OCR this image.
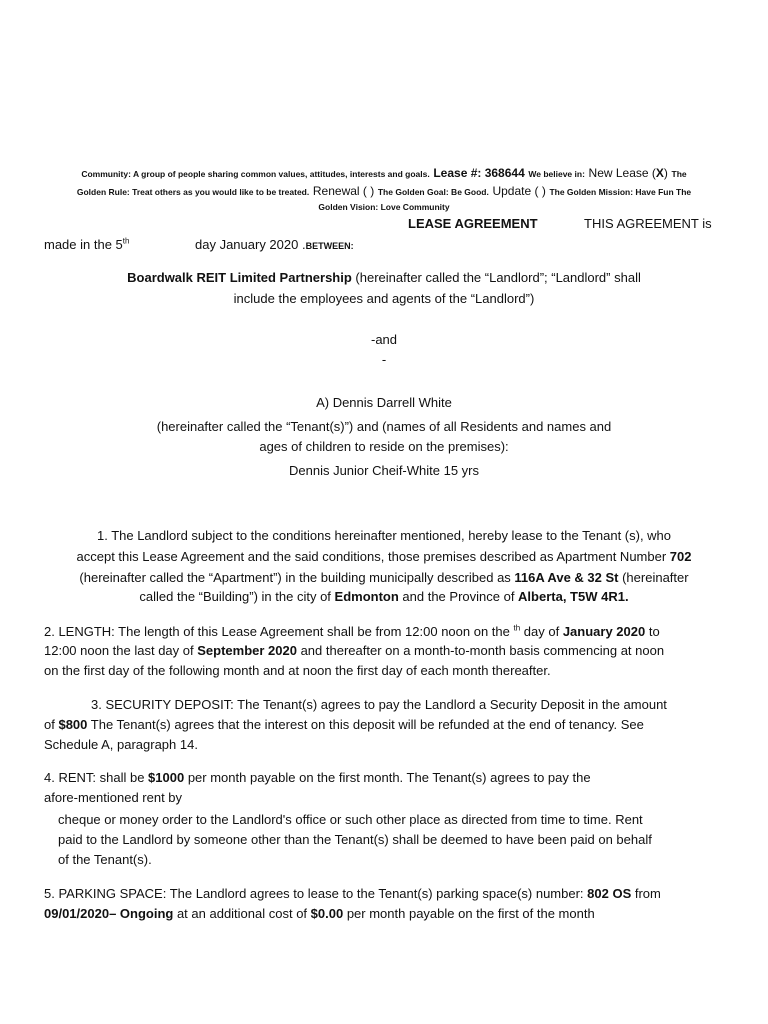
Community: A group of people sharing common values, attitudes, interests and goals. Lease #: 368644 We believe in: New Lease (X) The
Golden Rule: Treat others as you would like to be treated. Renewal ( ) The Golden Goal: Be Good. Update ( ) The Golden Mission: Have Fun The
Golden Vision: Love Community
LEASE AGREEMENT	THIS AGREEMENT is
made in the 5th	day January 2020 .BETWEEN:
Boardwalk REIT Limited Partnership (hereinafter called the “Landlord”; “Landlord” shall
include the employees and agents of the “Landlord”)
-and
-
A) Dennis Darrell White
(hereinafter called the “Tenant(s)”) and (names of all Residents and names and
ages of children to reside on the premises):
Dennis Junior Cheif-White 15 yrs
1. The Landlord subject to the conditions hereinafter mentioned, hereby lease to the Tenant (s), who
accept this Lease Agreement and the said conditions, those premises described as Apartment Number 702
(hereinafter called the “Apartment”) in the building municipally described as 116A Ave & 32 St (hereinafter
called the “Building”) in the city of Edmonton and the Province of Alberta, T5W 4R1.
2. LENGTH: The length of this Lease Agreement shall be from 12:00 noon on the $^{th}$ day of January 2020 to
12:00 noon the last day of September 2020 and thereafter on a month-to-month basis commencing at noon
on the first day of the following month and at noon the first day of each month thereafter.
3. SECURITY DEPOSIT: The Tenant(s) agrees to pay the Landlord a Security Deposit in the amount
of $800 The Tenant(s) agrees that the interest on this deposit will be refunded at the end of tenancy. See
Schedule A, paragraph 14.
4. RENT: shall be $1000 per month payable on the first month. The Tenant(s) agrees to pay the
afore-mentioned rent by
cheque or money order to the Landlord's office or such other place as directed from time to time. Rent
paid to the Landlord by someone other than the Tenant(s) shall be deemed to have been paid on behalf
of the Tenant(s).
5. PARKING SPACE: The Landlord agrees to lease to the Tenant(s) parking space(s) number: 802 OS from
09/01/2020– Ongoing at an additional cost of $0.00 per month payable on the first of the month
